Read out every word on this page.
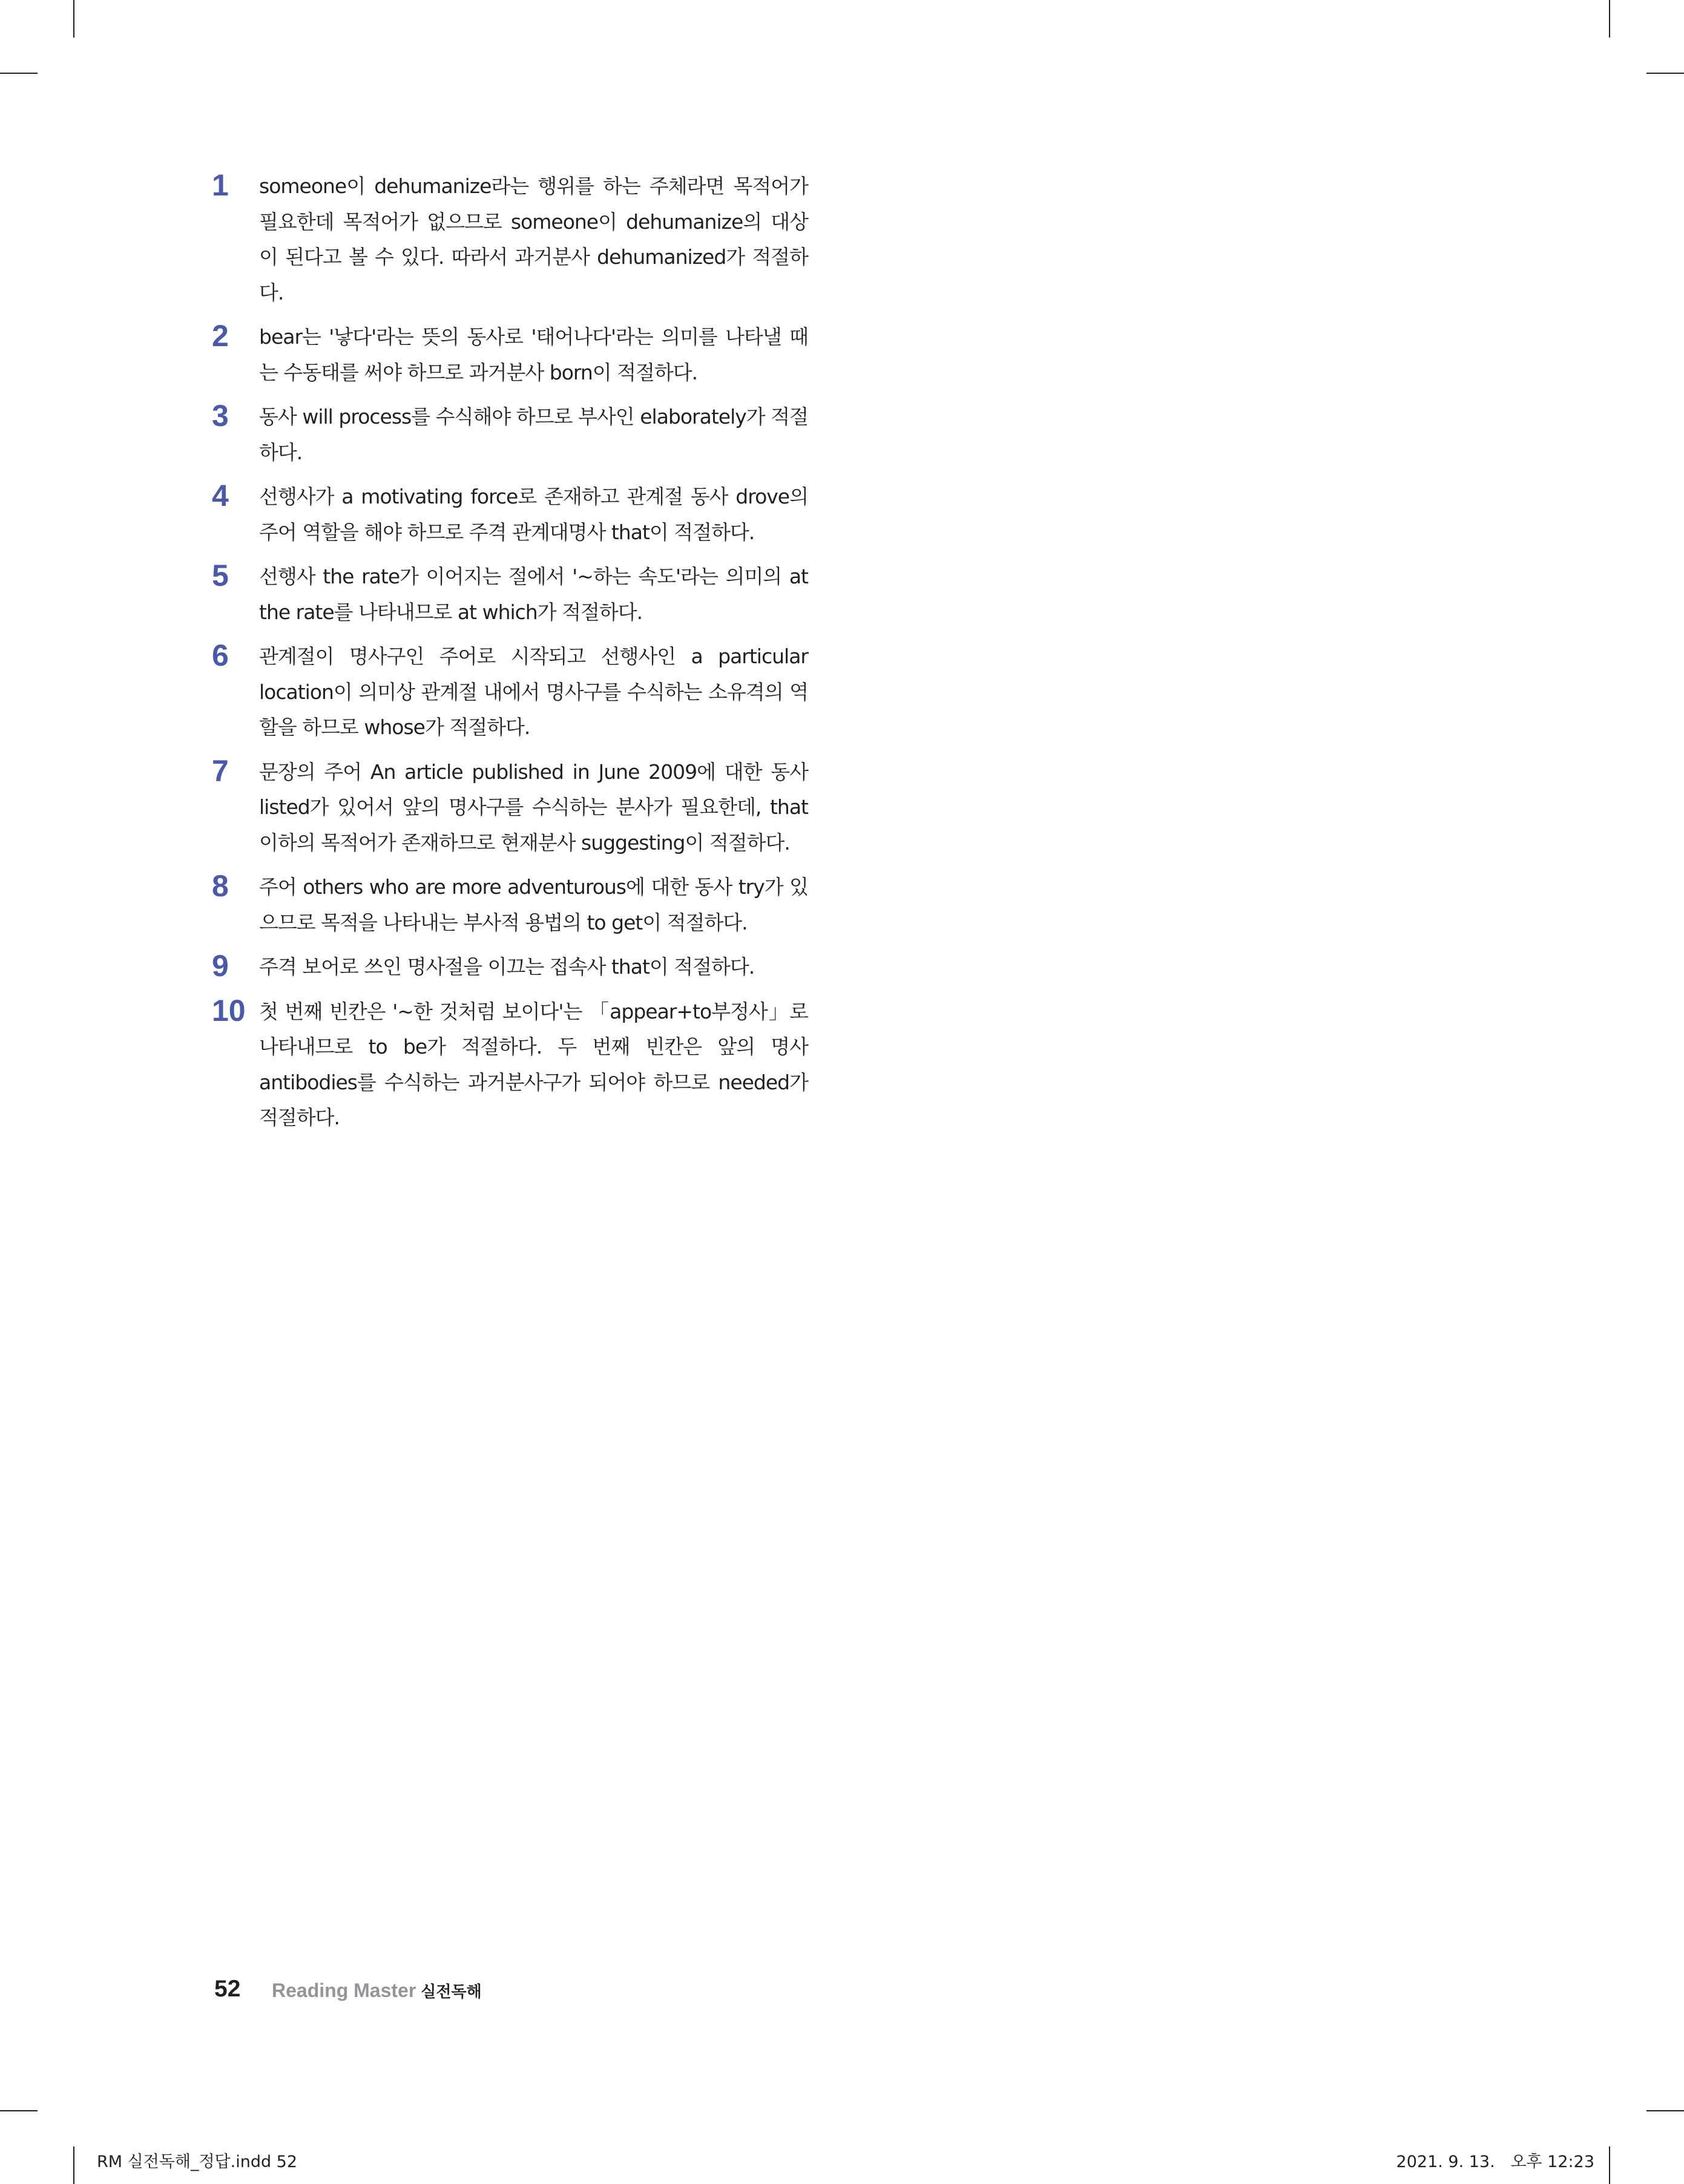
1	someone이 dehumanize라는 행위를 하는 주체라면 목적어가 필요한데 목적어가 없으므로 someone이 dehumanize의 대상이 된다고 볼 수 있다. 따라서 과거분사 dehumanized가 적절하다.
2	bear는 '낳다'라는 뜻의 동사로 '태어나다'라는 의미를 나타낼 때는 수동태를 써야 하므로 과거분사 born이 적절하다.
3	동사 will process를 수식해야 하므로 부사인 elaborately가 적절하다.
4	선행사가 a motivating force로 존재하고 관계절 동사 drove의 주어 역할을 해야 하므로 주격 관계대명사 that이 적절하다.
5	선행사 the rate가 이어지는 절에서 '~하는 속도'라는 의미의 at the rate를 나타내므로 at which가 적절하다.
6	관계절이 명사구인 주어로 시작되고 선행사인 a particular location이 의미상 관계절 내에서 명사구를 수식하는 소유격의 역할을 하므로 whose가 적절하다.
7	문장의 주어 An article published in June 2009에 대한 동사 listed가 있어서 앞의 명사구를 수식하는 분사가 필요한데, that 이하의 목적어가 존재하므로 현재분사 suggesting이 적절하다.
8	주어 others who are more adventurous에 대한 동사 try가 있으므로 목적을 나타내는 부사적 용법의 to get이 적절하다.
9	주격 보어로 쓰인 명사절을 이끄는 접속사 that이 적절하다.
10 첫 번째 빈칸은 '~한 것처럼 보이다'는 「appear+to부정사」로 나타내므로 to be가 적절하다. 두 번째 빈칸은 앞의 명사 antibodies를 수식하는 과거분사구가 되어야 하므로 needed가 적절하다.
52 Reading Master 실전독해
RM 실전독해_정답.indd 52	2021. 9. 13.   오후 12:23
